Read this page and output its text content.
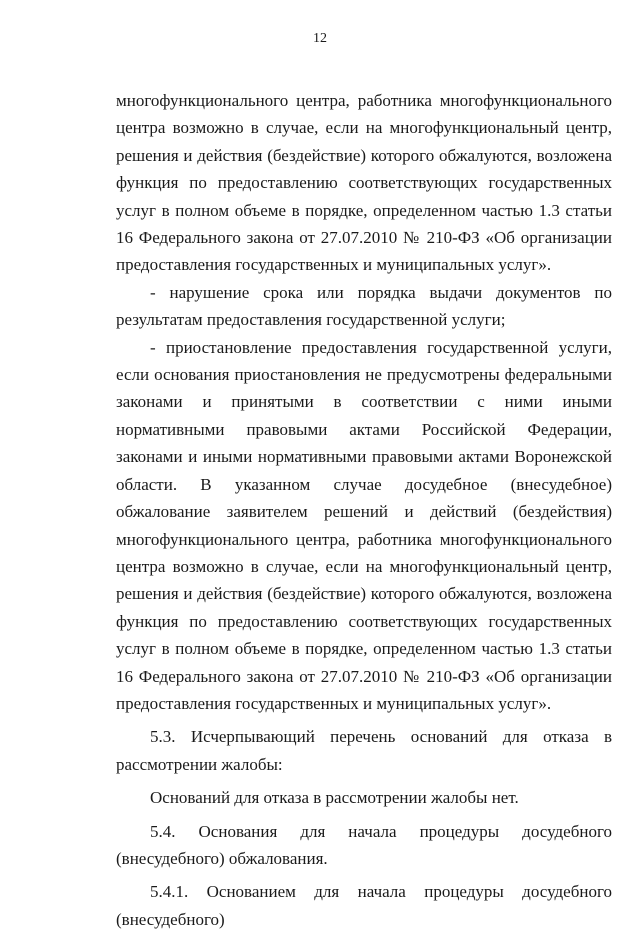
12

многофункционального центра, работника многофункционального центра возможно в случае, если на многофункциональный центр, решения и действия (бездействие) которого обжалуются, возложена функция по предоставлению соответствующих государственных услуг в полном объеме в порядке, определенном частью 1.3 статьи 16 Федерального закона от 27.07.2010 № 210-ФЗ «Об организации предоставления государственных и муниципальных услуг».

- нарушение срока или порядка выдачи документов по результатам предоставления государственной услуги;

- приостановление предоставления государственной услуги, если основания приостановления не предусмотрены федеральными законами и принятыми в соответствии с ними иными нормативными правовыми актами Российской Федерации, законами и иными нормативными правовыми актами Воронежской области. В указанном случае досудебное (внесудебное) обжалование заявителем решений и действий (бездействия) многофункционального центра, работника многофункционального центра возможно в случае, если на многофункциональный центр, решения и действия (бездействие) которого обжалуются, возложена функция по предоставлению соответствующих государственных услуг в полном объеме в порядке, определенном частью 1.3 статьи 16 Федерального закона от 27.07.2010 № 210-ФЗ «Об организации предоставления государственных и муниципальных услуг».

5.3. Исчерпывающий перечень оснований для отказа в рассмотрении жалобы:

Оснований для отказа в рассмотрении жалобы нет.

5.4. Основания для начала процедуры досудебного (внесудебного) обжалования.

5.4.1. Основанием для начала процедуры досудебного (внесудебного)
